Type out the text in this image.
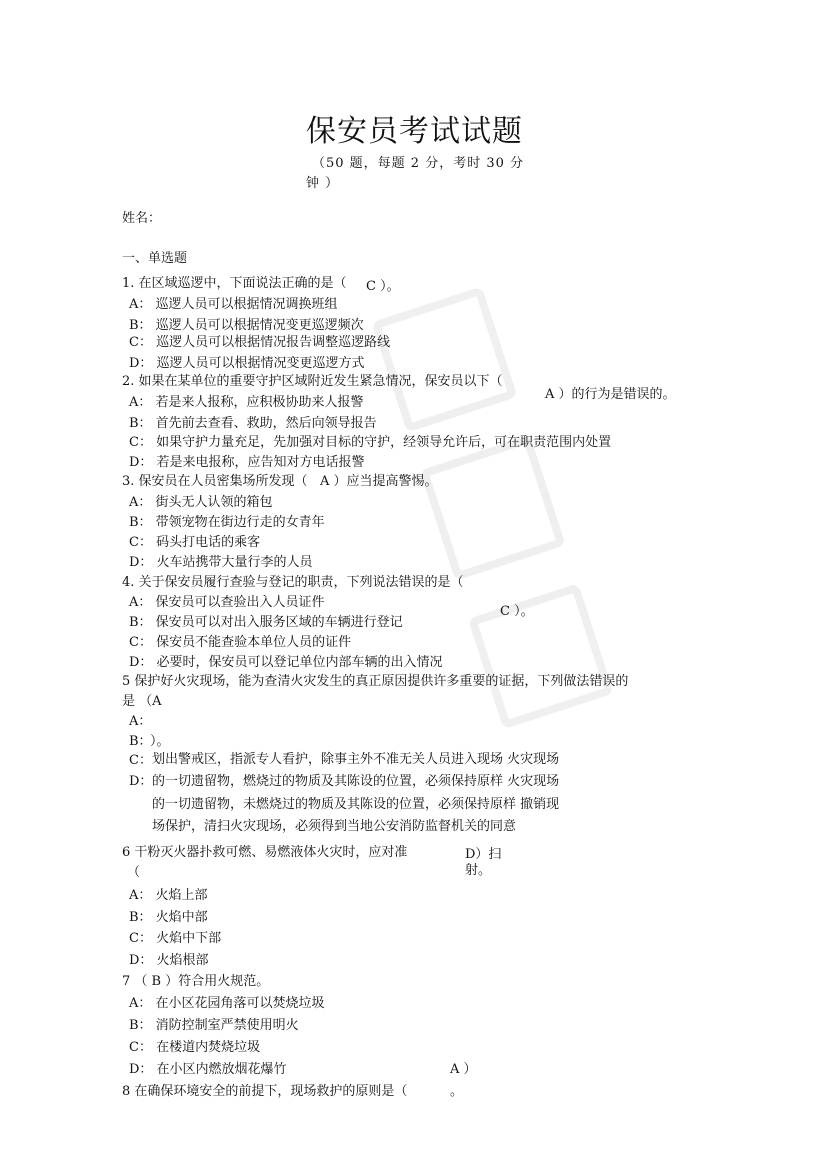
保安员考试试题
（50 题，每题 2 分，考时 30 分
钟 ）
姓名：
一、单选题
1. 在区域巡逻中，下面说法正确的是（ C ）。
A： 巡逻人员可以根据情况调换班组
B： 巡逻人员可以根据情况变更巡逻频次
C： 巡逻人员可以根据情况报告调整巡逻路线
D： 巡逻人员可以根据情况变更巡逻方式
2. 如果在某单位的重要守护区域附近发生紧急情况，保安员以下（
A ）的行为是错误的。
A： 若是来人报称，应积极协助来人报警
B： 首先前去查看、救助，然后向领导报告
C： 如果守护力量充足，先加强对目标的守护，经领导允许后，可在职责范围内处置
D： 若是来电报称，应告知对方电话报警
3. 保安员在人员密集场所发现（ A ）应当提高警惕。
A： 街头无人认领的箱包
B： 带领宠物在街边行走的女青年
C： 码头打电话的乘客
D： 火车站携带大量行李的人员
4. 关于保安员履行查验与登记的职责，下列说法错误的是（
C ）。
A： 保安员可以查验出入人员证件
B： 保安员可以对出入服务区域的车辆进行登记
C： 保安员不能查验本单位人员的证件
D： 必要时，保安员可以登记单位内部车辆的出入情况
5 保护好火灾现场，能为查清火灾发生的真正原因提供许多重要的证据，下列做法错误的
是 （A
A：
B：
）。
C： 划出警戒区，指派专人看护，除事主外不准无关人员进入现场 火灾现场
D： 的一切遗留物，燃烧过的物质及其陈设的位置，必须保持原样 火灾现场
的一切遗留物，未燃烧过的物质及其陈设的位置，必须保持原样 撤销现
场保护，清扫火灾现场，必须得到当地公安消防监督机关的同意
6 干粉灭火器扑救可燃、易燃液体火灾时，应对准
（
D）扫
射。
A： 火焰上部
B： 火焰中部
C： 火焰中下部
D： 火焰根部
7 （ B ）符合用火规范。
A： 在小区花园角落可以焚烧垃圾
B： 消防控制室严禁使用明火
C： 在楼道内焚烧垃圾
D： 在小区内燃放烟花爆竹	A ）
8 在确保环境安全的前提下，现场救护的原则是（	。
